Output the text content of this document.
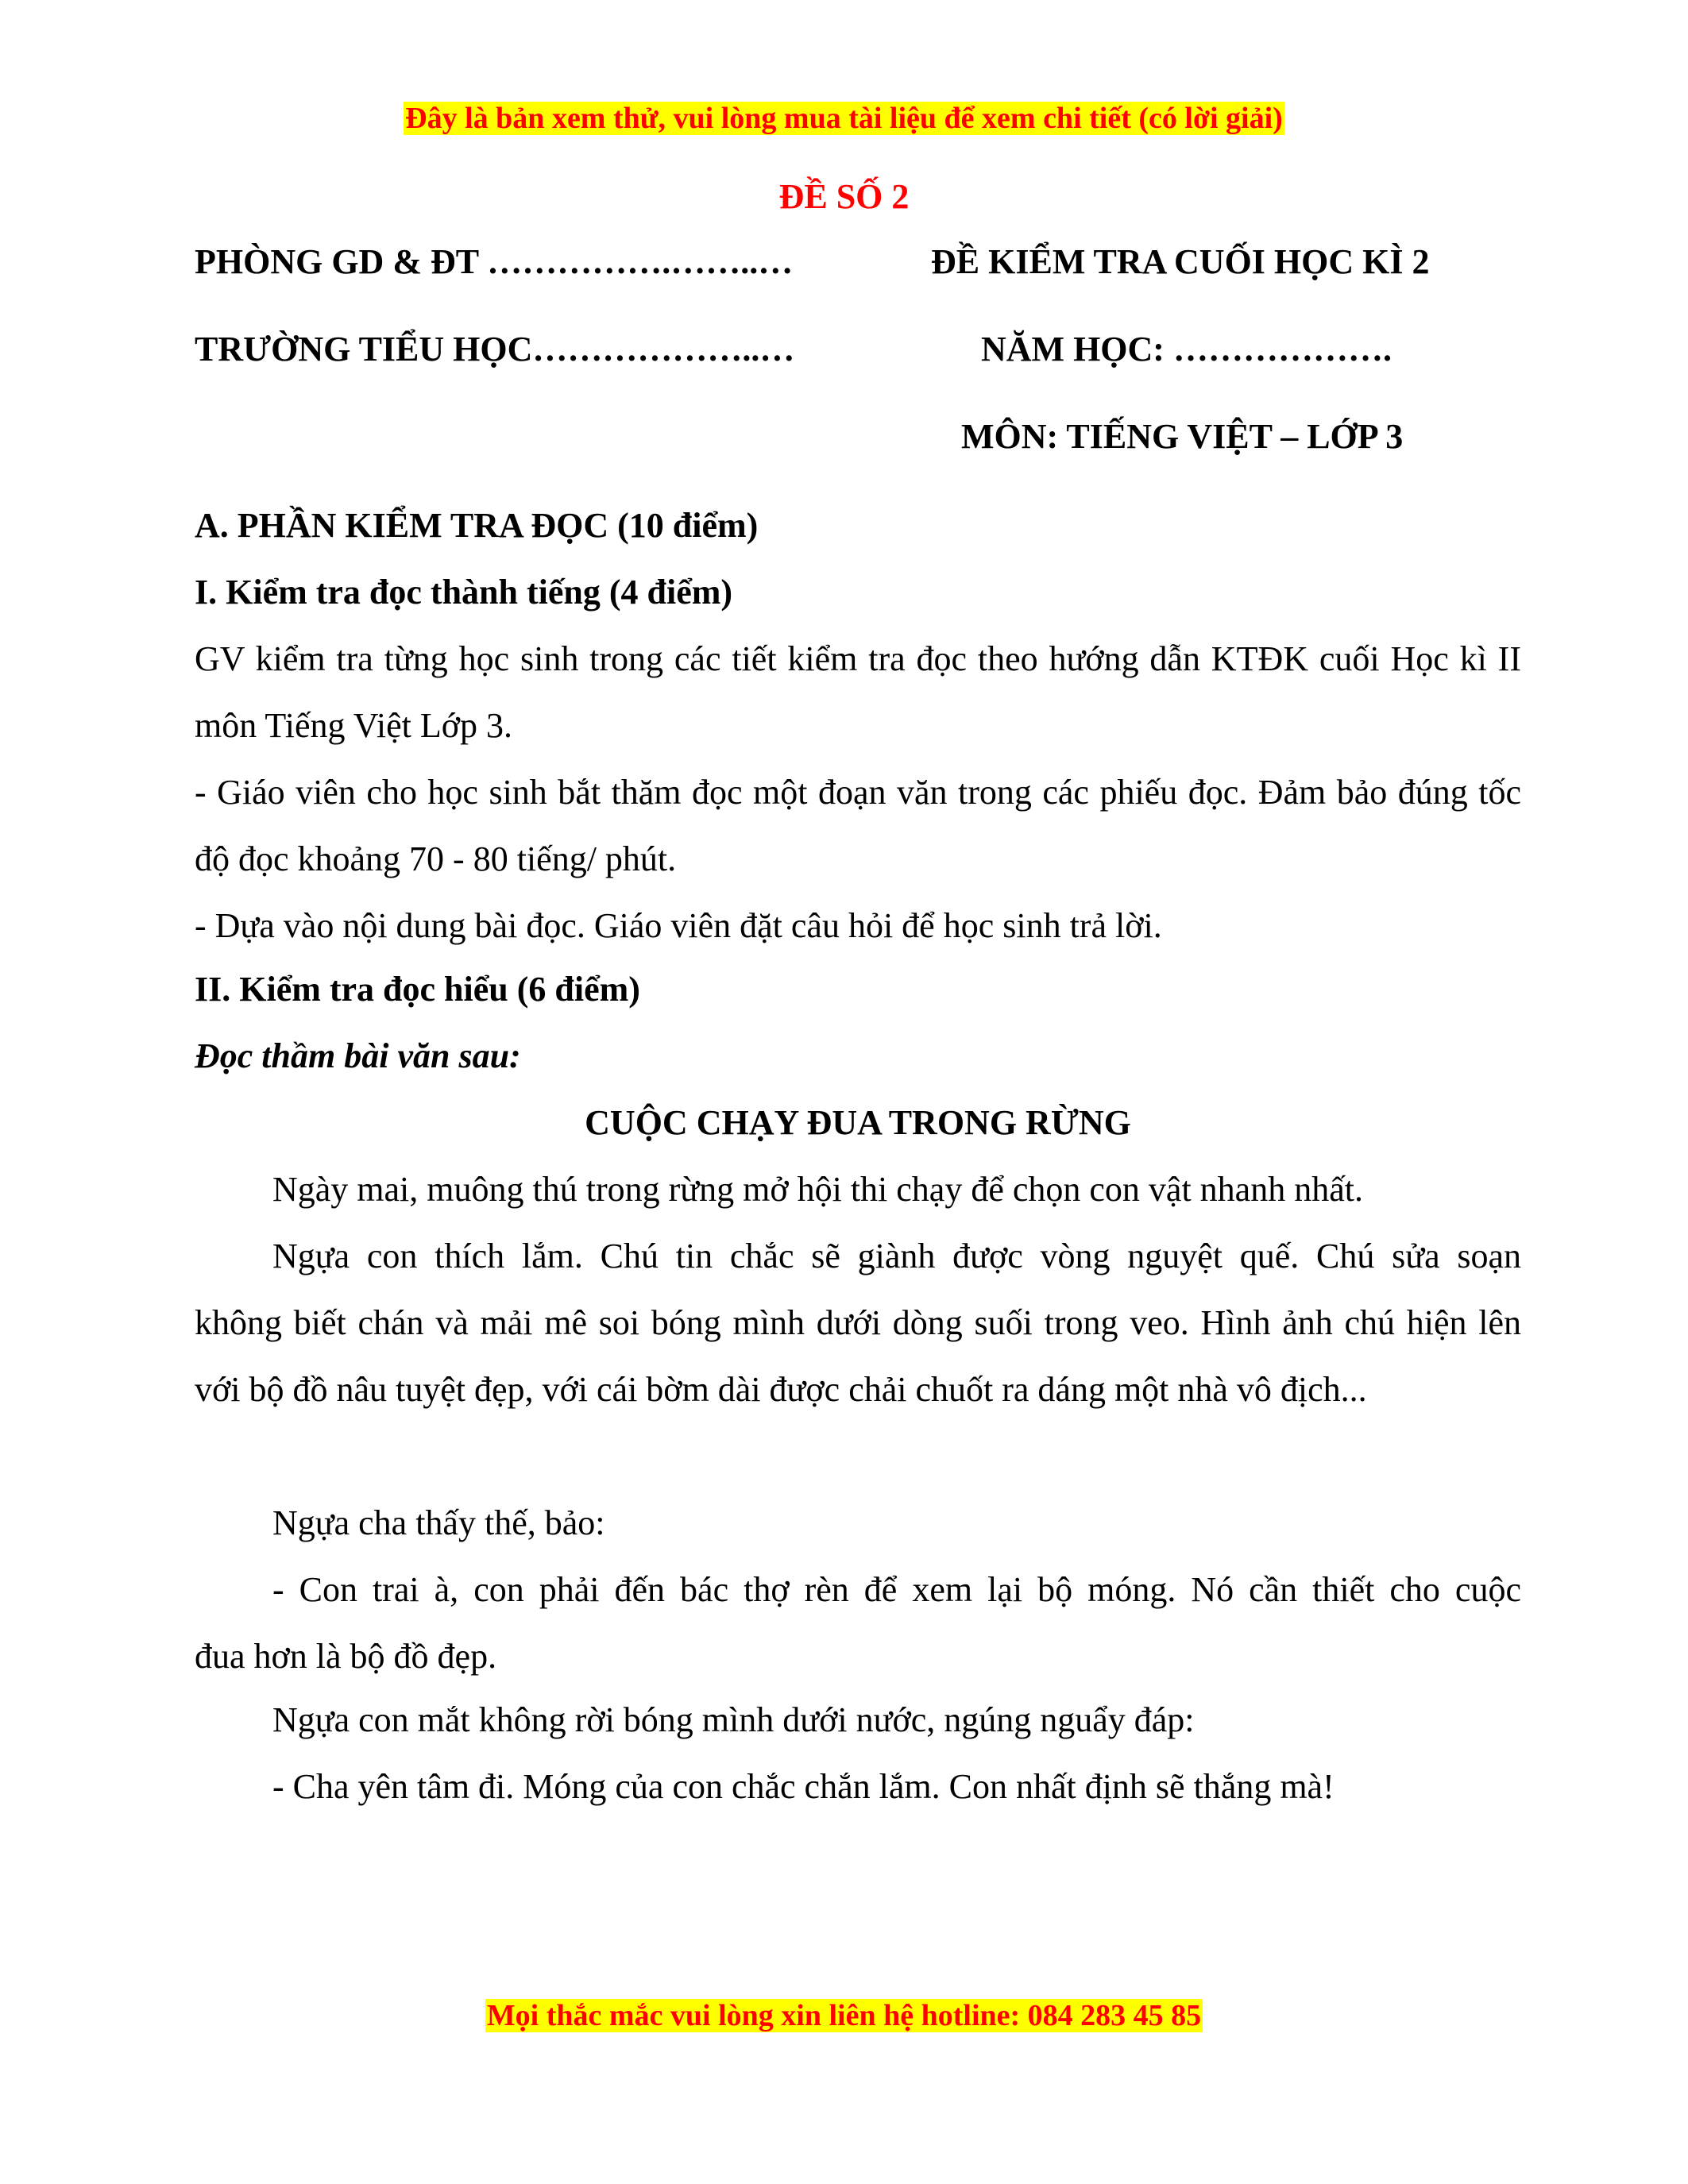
Đây là bản xem thử, vui lòng mua tài liệu để xem chi tiết (có lời giải)
ĐỀ SỐ 2
PHÒNG GD & ĐT …………….……..…	ĐỀ KIỂM TRA CUỐI HỌC KÌ 2
TRƯỜNG TIỂU HỌC………………..…	NĂM HỌC: ……………….
MÔN: TIẾNG VIỆT – LỚP 3
A. PHẦN KIỂM TRA ĐỌC (10 điểm)
I. Kiểm tra đọc thành tiếng (4 điểm)
GV kiểm tra từng học sinh trong các tiết kiểm tra đọc theo hướng dẫn KTĐK cuối Học kì II môn Tiếng Việt Lớp 3.
- Giáo viên cho học sinh bắt thăm đọc một đoạn văn trong các phiếu đọc. Đảm bảo đúng tốc độ đọc khoảng 70 - 80 tiếng/ phút.
- Dựa vào nội dung bài đọc. Giáo viên đặt câu hỏi để học sinh trả lời.
II. Kiểm tra đọc hiểu (6 điểm)
Đọc thầm bài văn sau:
CUỘC CHẠY ĐUA TRONG RỪNG
Ngày mai, muông thú trong rừng mở hội thi chạy để chọn con vật nhanh nhất.
Ngựa con thích lắm. Chú tin chắc sẽ giành được vòng nguyệt quế. Chú sửa soạn
không biết chán và mải mê soi bóng mình dưới dòng suối trong veo. Hình ảnh chú hiện lên với bộ đồ nâu tuyệt đẹp, với cái bờm dài được chải chuốt ra dáng một nhà vô địch...
Ngựa cha thấy thế, bảo:
- Con trai à, con phải đến bác thợ rèn để xem lại bộ móng. Nó cần thiết cho cuộc
đua hơn là bộ đồ đẹp.
Ngựa con mắt không rời bóng mình dưới nước, ngúng nguẩy đáp:
- Cha yên tâm đi. Móng của con chắc chắn lắm. Con nhất định sẽ thắng mà!
Mọi thắc mắc vui lòng xin liên hệ hotline: 084 283 45 85
